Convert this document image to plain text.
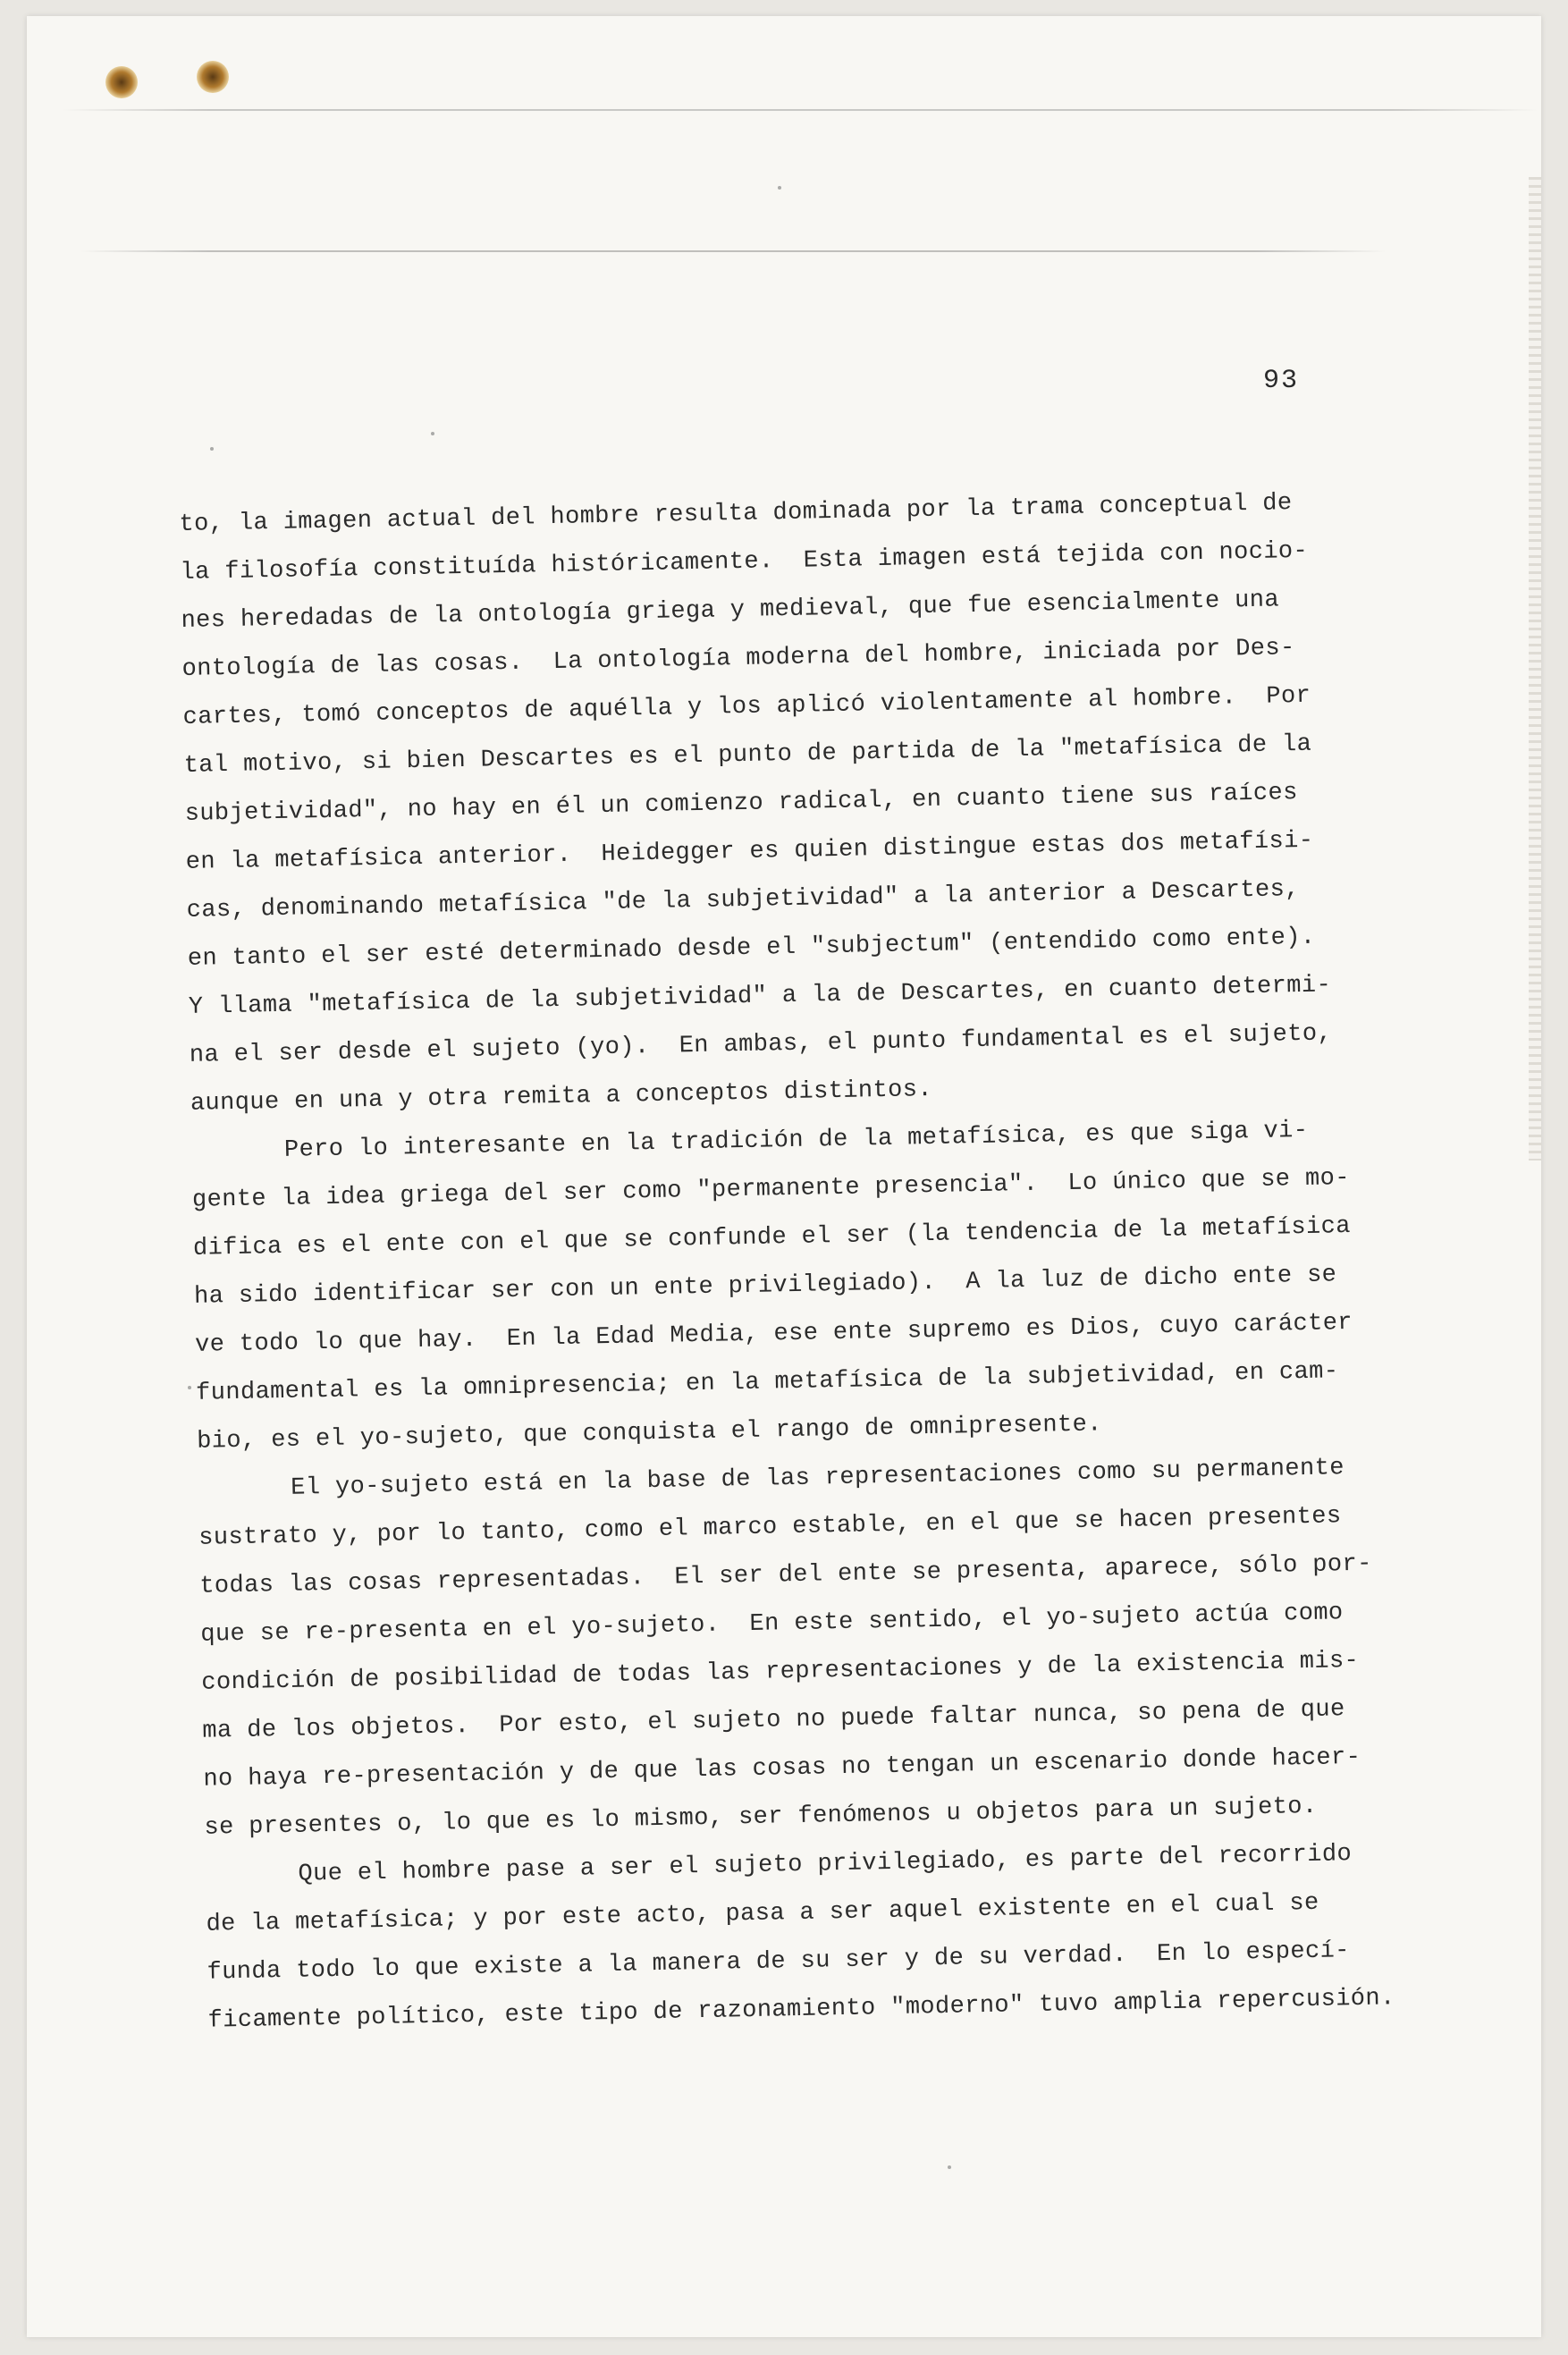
93
to, la imagen actual del hombre resulta dominada por la trama conceptual de
la filosofía constituída históricamente.  Esta imagen está tejida con nocio-
nes heredadas de la ontología griega y medieval, que fue esencialmente una
ontología de las cosas.  La ontología moderna del hombre, iniciada por Des-
cartes, tomó conceptos de aquélla y los aplicó violentamente al hombre.  Por
tal motivo, si bien Descartes es el punto de partida de la "metafísica de la
subjetividad", no hay en él un comienzo radical, en cuanto tiene sus raíces
en la metafísica anterior.  Heidegger es quien distingue estas dos metafísi-
cas, denominando metafísica "de la subjetividad" a la anterior a Descartes,
en tanto el ser esté determinado desde el "subjectum" (entendido como ente).
Y llama "metafísica de la subjetividad" a la de Descartes, en cuanto determi-
na el ser desde el sujeto (yo).  En ambas, el punto fundamental es el sujeto,
aunque en una y otra remita a conceptos distintos.
Pero lo interesante en la tradición de la metafísica, es que siga vi-
gente la idea griega del ser como "permanente presencia".  Lo único que se mo-
difica es el ente con el que se confunde el ser (la tendencia de la metafísica
ha sido identificar ser con un ente privilegiado).  A la luz de dicho ente se
ve todo lo que hay.  En la Edad Media, ese ente supremo es Dios, cuyo carácter
fundamental es la omnipresencia; en la metafísica de la subjetividad, en cam-
bio, es el yo-sujeto, que conquista el rango de omnipresente.
El yo-sujeto está en la base de las representaciones como su permanente
sustrato y, por lo tanto, como el marco estable, en el que se hacen presentes
todas las cosas representadas.  El ser del ente se presenta, aparece, sólo por-
que se re-presenta en el yo-sujeto.  En este sentido, el yo-sujeto actúa como
condición de posibilidad de todas las representaciones y de la existencia mis-
ma de los objetos.  Por esto, el sujeto no puede faltar nunca, so pena de que
no haya re-presentación y de que las cosas no tengan un escenario donde hacer-
se presentes o, lo que es lo mismo, ser fenómenos u objetos para un sujeto.
Que el hombre pase a ser el sujeto privilegiado, es parte del recorrido
de la metafísica; y por este acto, pasa a ser aquel existente en el cual se
funda todo lo que existe a la manera de su ser y de su verdad.  En lo especí-
ficamente político, este tipo de razonamiento "moderno" tuvo amplia repercusión.
